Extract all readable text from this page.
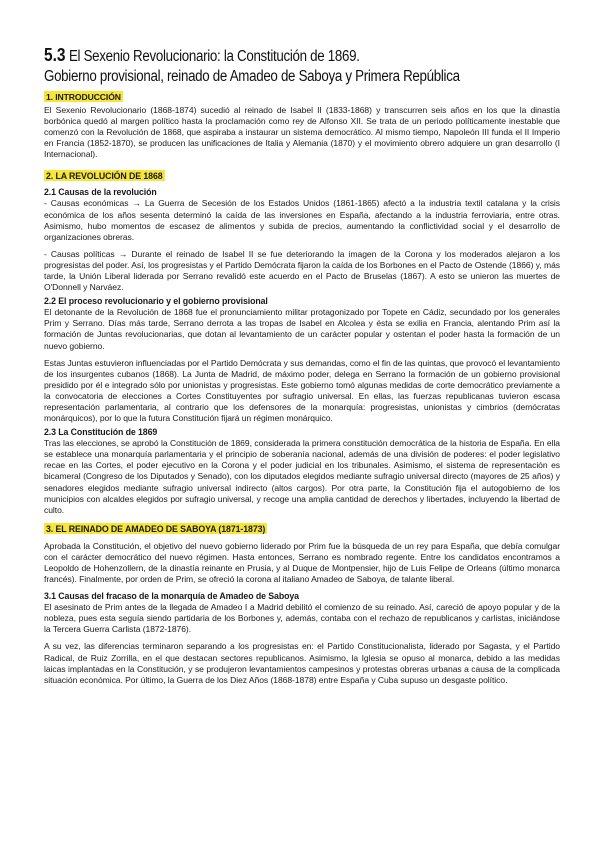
5.3 El Sexenio Revolucionario: la Constitución de 1869.
Gobierno provisional, reinado de Amadeo de Saboya y Primera República
1. INTRODUCCIÓN

El Sexenio Revolucionario (1868-1874) sucedió al reinado de Isabel II (1833-1868) y transcurren seis años en los que la dinastía borbónica quedó al margen político hasta la proclamación como rey de Alfonso XII. Se trata de un periodo políticamente inestable que comenzó con la Revolución de 1868, que aspiraba a instaurar un sistema democrático. Al mismo tiempo, Napoleón III funda el II Imperio en Francia (1852-1870), se producen las unificaciones de Italia y Alemania (1870) y el movimiento obrero adquiere un gran desarrollo (I Internacional).

2. LA REVOLUCIÓN DE 1868
2.1 Causas de la revolución

- Causas económicas → La Guerra de Secesión de los Estados Unidos (1861-1865) afectó a la industria textil catalana y la crisis económica de los años sesenta determinó la caída de las inversiones en España, afectando a la industria ferroviaria, entre otras. Asimismo, hubo momentos de escasez de alimentos y subida de precios, aumentando la conflictividad social y el desarrollo de organizaciones obreras.

- Causas políticas → Durante el reinado de Isabel II se fue deteriorando la imagen de la Corona y los moderados alejaron a los progresistas del poder. Así, los progresistas y el Partido Demócrata fijaron la caída de los Borbones en el Pacto de Ostende (1866) y, más tarde, la Unión Liberal liderada por Serrano revalidó este acuerdo en el Pacto de Bruselas (1867). A esto se unieron las muertes de O'Donnell y Narváez.

2.2 El proceso revolucionario y el gobierno provisional

El detonante de la Revolución de 1868 fue el pronunciamiento militar protagonizado por Topete en Cádiz, secundado por los generales Prim y Serrano. Días más tarde, Serrano derrota a las tropas de Isabel en Alcolea y ésta se exilia en Francia, alentando Prim así la formación de Juntas revolucionarias, que dotan al levantamiento de un carácter popular y ostentan el poder hasta la formación de un nuevo gobierno.

Estas Juntas estuvieron influenciadas por el Partido Demócrata y sus demandas, como el fin de las quintas, que provocó el levantamiento de los insurgentes cubanos (1868). La Junta de Madrid, de máximo poder, delega en Serrano la formación de un gobierno provisional presidido por él e integrado sólo por unionistas y progresistas. Este gobierno tomó algunas medidas de corte democrático previamente a la convocatoria de elecciones a Cortes Constituyentes por sufragio universal. En ellas, las fuerzas republicanas tuvieron escasa representación parlamentaria, al contrario que los defensores de la monarquía: progresistas, unionistas y cimbrios (demócratas monárquicos), por lo que la futura Constitución fijará un régimen monárquico.

2.3 La Constitución de 1869

Tras las elecciones, se aprobó la Constitución de 1869, considerada la primera constitución democrática de la historia de España. En ella se establece una monarquía parlamentaria y el principio de soberanía nacional, además de una división de poderes: el poder legislativo recae en las Cortes, el poder ejecutivo en la Corona y el poder judicial en los tribunales. Asimismo, el sistema de representación es bicameral (Congreso de los Diputados y Senado), con los diputados elegidos mediante sufragio universal directo (mayores de 25 años) y senadores elegidos mediante sufragio universal indirecto (altos cargos). Por otra parte, la Constitución fija el autogobierno de los municipios con alcaldes elegidos por sufragio universal, y recoge una amplia cantidad de derechos y libertades, incluyendo la libertad de culto.

3. EL REINADO DE AMADEO DE SABOYA (1871-1873)

Aprobada la Constitución, el objetivo del nuevo gobierno liderado por Prim fue la búsqueda de un rey para España, que debía comulgar con el carácter democrático del nuevo régimen. Hasta entonces, Serrano es nombrado regente. Entre los candidatos encontramos a Leopoldo de Hohenzollern, de la dinastía reinante en Prusia, y al Duque de Montpensier, hijo de Luis Felipe de Orleans (último monarca francés). Finalmente, por orden de Prim, se ofreció la corona al italiano Amadeo de Saboya, de talante liberal.

3.1 Causas del fracaso de la monarquía de Amadeo de Saboya

El asesinato de Prim antes de la llegada de Amadeo I a Madrid debilitó el comienzo de su reinado. Así, careció de apoyo popular y de la nobleza, pues esta seguía siendo partidaria de los Borbones y, además, contaba con el rechazo de republicanos y carlistas, iniciándose la Tercera Guerra Carlista (1872-1876).

A su vez, las diferencias terminaron separando a los progresistas en: el Partido Constitucionalista, liderado por Sagasta, y el Partido Radical, de Ruiz Zorrilla, en el que destacan sectores republicanos. Asimismo, la Iglesia se opuso al monarca, debido a las medidas laicas implantadas en la Constitución, y se produjeron levantamientos campesinos y protestas obreras urbanas a causa de la complicada situación económica. Por último, la Guerra de los Diez Años (1868-1878) entre España y Cuba supuso un desgaste político.
